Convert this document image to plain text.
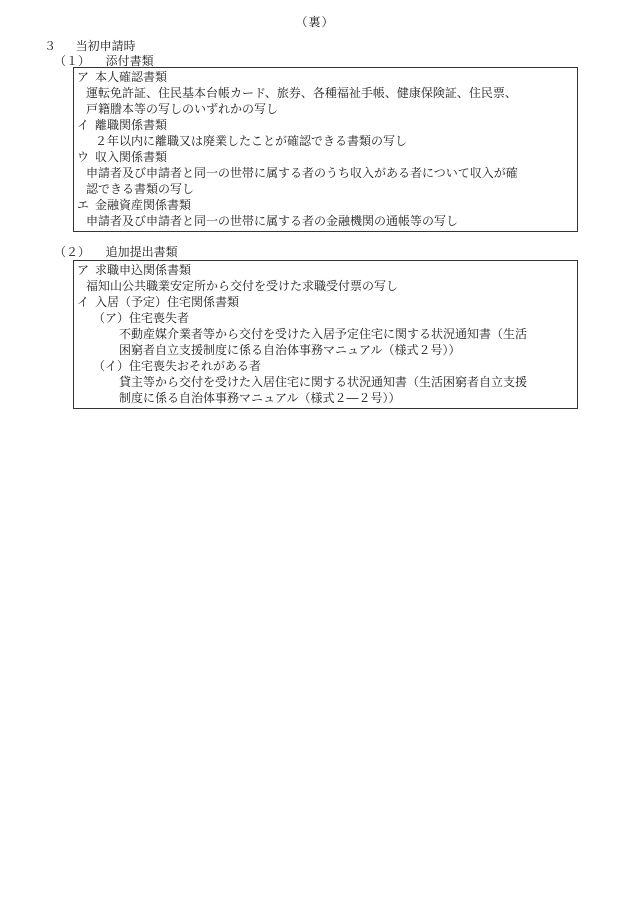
（裏）
３ 当初申請時
（１） 添付書類
ア 本人確認書類
運転免許証、住民基本台帳カード、旅券、各種福祉手帳、健康保険証、住民票、
戸籍謄本等の写しのいずれかの写し
イ 離職関係書類
２年以内に離職又は廃業したことが確認できる書類の写し
ウ 収入関係書類
申請者及び申請者と同一の世帯に属する者のうち収入がある者について収入が確
認できる書類の写し
エ 金融資産関係書類
申請者及び申請者と同一の世帯に属する者の金融機関の通帳等の写し
（２） 追加提出書類
ア 求職申込関係書類
福知山公共職業安定所から交付を受けた求職受付票の写し
イ 入居（予定）住宅関係書類
（ア）住宅喪失者
不動産媒介業者等から交付を受けた入居予定住宅に関する状況通知書（生活
困窮者自立支援制度に係る自治体事務マニュアル（様式２号））
（イ）住宅喪失おそれがある者
貸主等から交付を受けた入居住宅に関する状況通知書（生活困窮者自立支援
制度に係る自治体事務マニュアル（様式２―２号））
